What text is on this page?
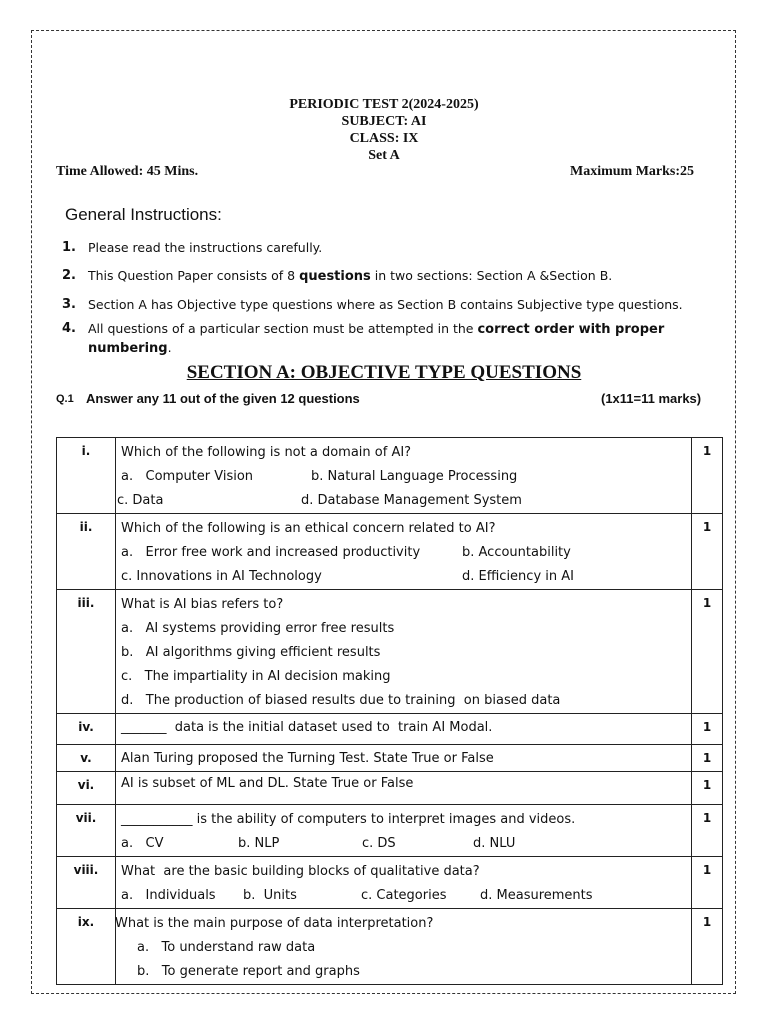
PERIODIC TEST 2(2024-2025)
SUBJECT: AI
CLASS: IX
Set A
Time Allowed: 45 Mins.	Maximum Marks:25
General Instructions:
1. Please read the instructions carefully.
2. This Question Paper consists of 8 questions in two sections: Section A &Section B.
3. Section A has Objective type questions where as Section B contains Subjective type questions.
4. All questions of a particular section must be attempted in the correct order with proper numbering.
SECTION A: OBJECTIVE TYPE QUESTIONS
Q.1 Answer any 11 out of the given 12 questions	(1x11=11 marks)
i.	Which of the following is not a domain of AI?
a.   Computer Vision b. Natural Language Processing
c. Data d. Database Management System	1
ii.	Which of the following is an ethical concern related to AI?
a.   Error free work and increased productivity b. Accountability
c. Innovations in AI Technology d. Efficiency in AI	1
iii.	What is AI bias refers to?
a.   AI systems providing error free results
b.   AI algorithms giving efficient results
c.   The impartiality in AI decision making
d.   The production of biased results due to training  on biased data	1
iv.	_______  data is the initial dataset used to  train AI Modal.	1
v.	Alan Turing proposed the Turning Test. State True or False	1
vi.	AI is subset of ML and DL. State True or False	1
vii.	___________ is the ability of computers to interpret images and videos.
a.   CV b. NLP c. DS d. NLU	1
viii.	What  are the basic building blocks of qualitative data?
a.   Individuals b.  Units c. Categories d. Measurements	1
ix.	What is the main purpose of data interpretation?
a.   To understand raw data
b.   To generate report and graphs	1
